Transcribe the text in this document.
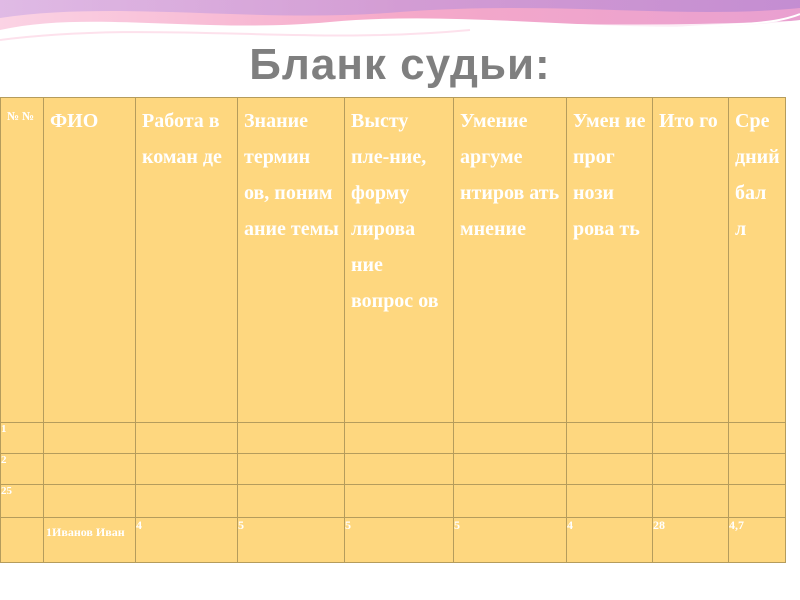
Бланк судьи:
№ №	ФИО	Работа в коман де	Знание термин ов, поним ание темы	Высту пле-ние, форму лирова ние вопрос ов	Умение аргуме нтиров ать мнение	Умен ие прог нози рова ть	Ито го	Сре дний бал л
1								
2								
25								
	1Иванов Иван	4	5	5	5	4	28	4,7
